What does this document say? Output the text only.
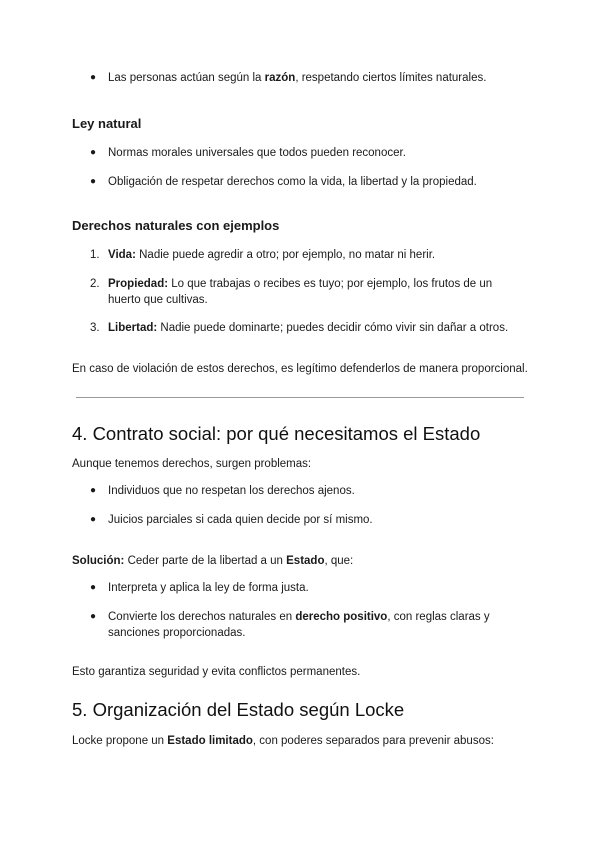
●	Las personas actúan según la razón, respetando ciertos límites naturales.
Ley natural
●	Normas morales universales que todos pueden reconocer.
●	Obligación de respetar derechos como la vida, la libertad y la propiedad.
Derechos naturales con ejemplos
1. Vida: Nadie puede agredir a otro; por ejemplo, no matar ni herir.
2. Propiedad: Lo que trabajas o recibes es tuyo; por ejemplo, los frutos de un huerto que cultivas.
3. Libertad: Nadie puede dominarte; puedes decidir cómo vivir sin dañar a otros.
En caso de violación de estos derechos, es legítimo defenderlos de manera proporcional.
4. Contrato social: por qué necesitamos el Estado
Aunque tenemos derechos, surgen problemas:
●	Individuos que no respetan los derechos ajenos.
●	Juicios parciales si cada quien decide por sí mismo.
Solución: Ceder parte de la libertad a un Estado, que:
●	Interpreta y aplica la ley de forma justa.
●	Convierte los derechos naturales en derecho positivo, con reglas claras y sanciones proporcionadas.
Esto garantiza seguridad y evita conflictos permanentes.
5. Organización del Estado según Locke
Locke propone un Estado limitado, con poderes separados para prevenir abusos:
